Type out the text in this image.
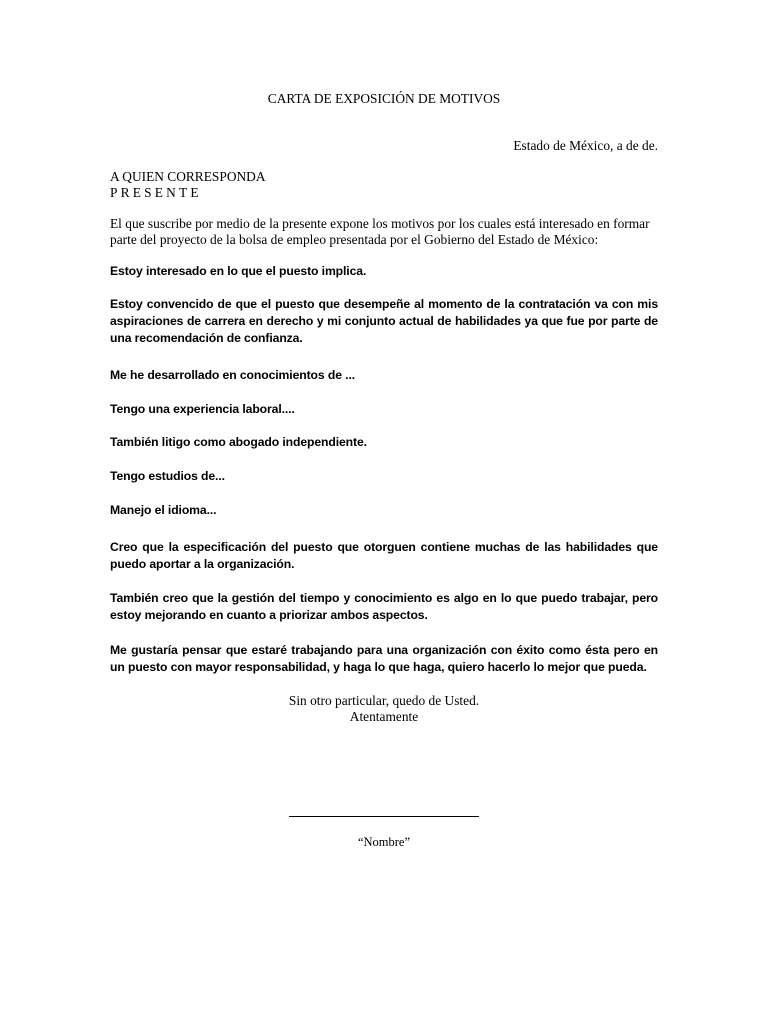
CARTA DE EXPOSICIÓN DE MOTIVOS
Estado de México, a de de.
A QUIEN CORRESPONDA
PRESENTE
El que suscribe por medio de la presente expone los motivos por los cuales está interesado en formar parte del proyecto de la bolsa de empleo presentada por el Gobierno del Estado de México:

Estoy interesado en lo que el puesto implica.

Estoy convencido de que el puesto que desempeñe al momento de la contratación va con mis aspiraciones de carrera en derecho y mi conjunto actual de habilidades ya que fue por parte de una recomendación de confianza.

Me he desarrollado en conocimientos de ...

Tengo una experiencia laboral....

También litigo como abogado independiente.

Tengo estudios de...

Manejo el idioma...

Creo que la especificación del puesto que otorguen contiene muchas de las habilidades que puedo aportar a la organización.

También creo que la gestión del tiempo y conocimiento es algo en lo que puedo trabajar, pero estoy mejorando en cuanto a priorizar ambos aspectos.

Me gustaría pensar que estaré trabajando para una organización con éxito como ésta pero en un puesto con mayor responsabilidad, y haga lo que haga, quiero hacerlo lo mejor que pueda.

Sin otro particular, quedo de Usted.
Atentamente
“Nombre”
